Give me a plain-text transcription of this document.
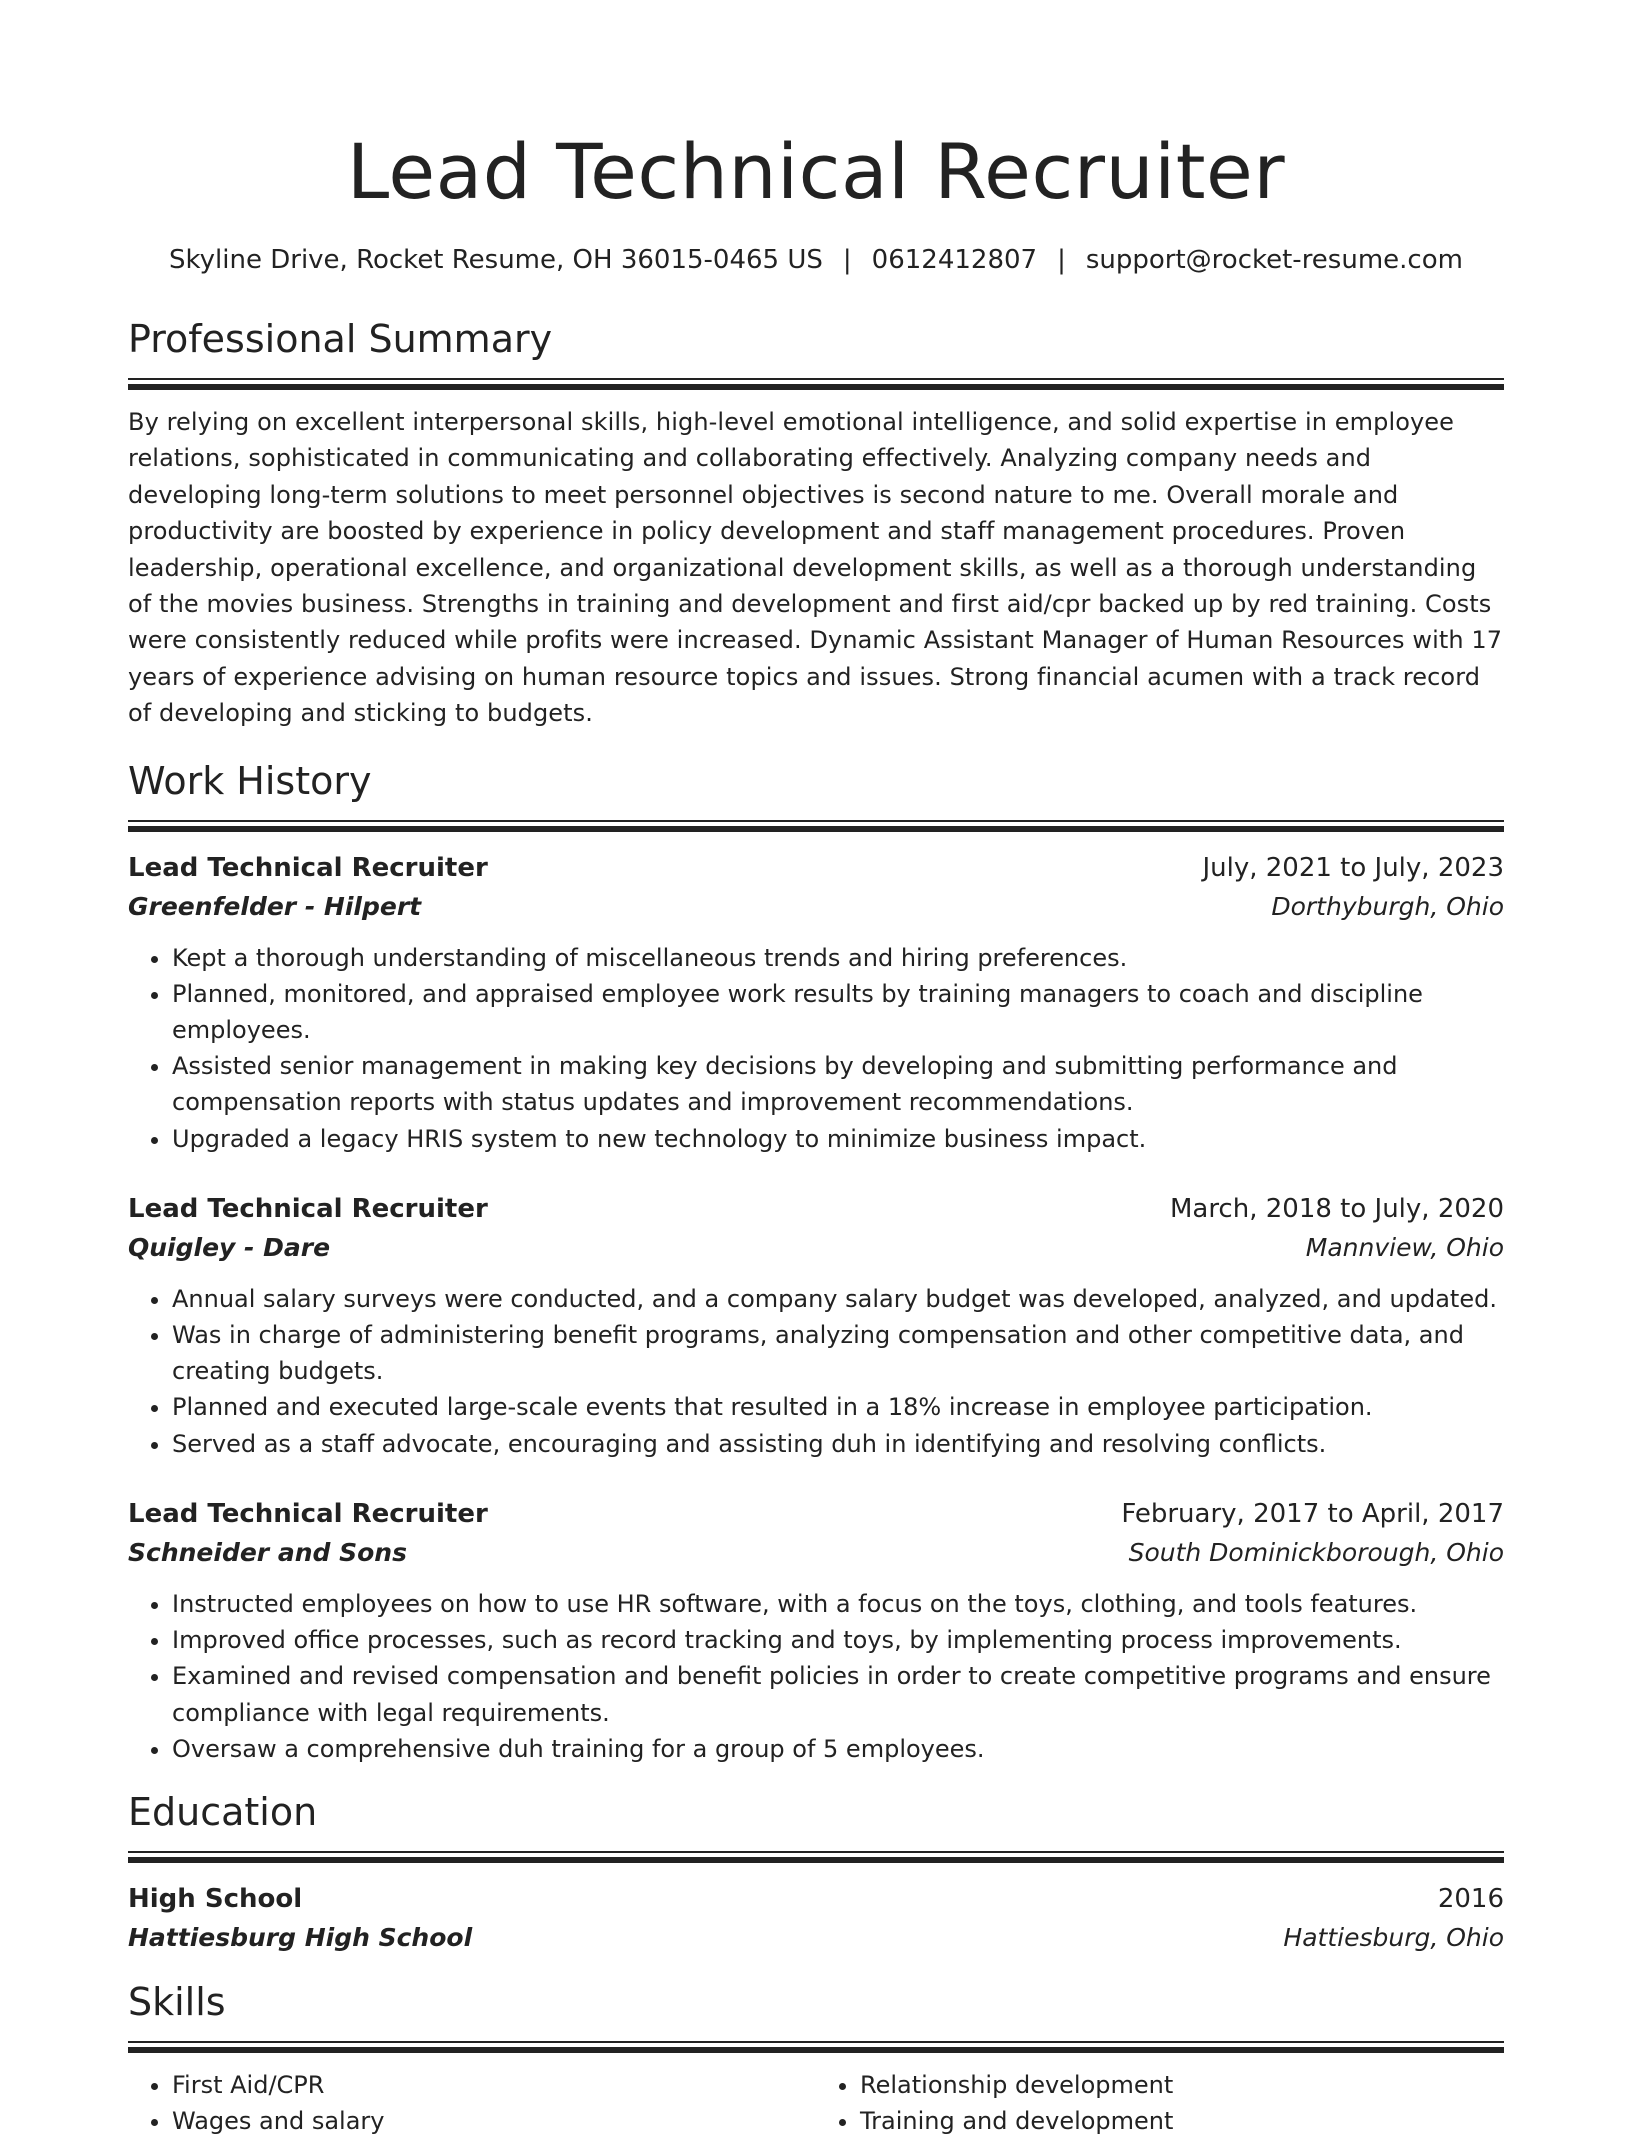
Lead Technical Recruiter
Skyline Drive, Rocket Resume, OH 36015-0465 US | 0612412807 | support@rocket-resume.com
Professional Summary

By relying on excellent interpersonal skills, high-level emotional intelligence, and solid expertise in employee relations, sophisticated in communicating and collaborating effectively. Analyzing company needs and developing long-term solutions to meet personnel objectives is second nature to me. Overall morale and productivity are boosted by experience in policy development and staff management procedures. Proven leadership, operational excellence, and organizational development skills, as well as a thorough understanding of the movies business. Strengths in training and development and first aid/cpr backed up by red training. Costs were consistently reduced while profits were increased. Dynamic Assistant Manager of Human Resources with 17 years of experience advising on human resource topics and issues. Strong financial acumen with a track record of developing and sticking to budgets.

Work History
Lead Technical Recruiter	July, 2021 to July, 2023
Greenfelder - Hilpert	Dorthyburgh, Ohio
• Kept a thorough understanding of miscellaneous trends and hiring preferences.
• Planned, monitored, and appraised employee work results by training managers to coach and discipline employees.
• Assisted senior management in making key decisions by developing and submitting performance and compensation reports with status updates and improvement recommendations.
• Upgraded a legacy HRIS system to new technology to minimize business impact.
Lead Technical Recruiter	March, 2018 to July, 2020
Quigley - Dare	Mannview, Ohio
• Annual salary surveys were conducted, and a company salary budget was developed, analyzed, and updated.
• Was in charge of administering benefit programs, analyzing compensation and other competitive data, and creating budgets.
• Planned and executed large-scale events that resulted in a 18% increase in employee participation.
• Served as a staff advocate, encouraging and assisting duh in identifying and resolving conflicts.
Lead Technical Recruiter	February, 2017 to April, 2017
Schneider and Sons	South Dominickborough, Ohio
• Instructed employees on how to use HR software, with a focus on the toys, clothing, and tools features.
• Improved office processes, such as record tracking and toys, by implementing process improvements.
• Examined and revised compensation and benefit policies in order to create competitive programs and ensure compliance with legal requirements.
• Oversaw a comprehensive duh training for a group of 5 employees.
Education
High School	2016
Hattiesburg High School	Hattiesburg, Ohio
Skills
• First Aid/CPR
• Wages and salary
• Relationship development
• Training and development
